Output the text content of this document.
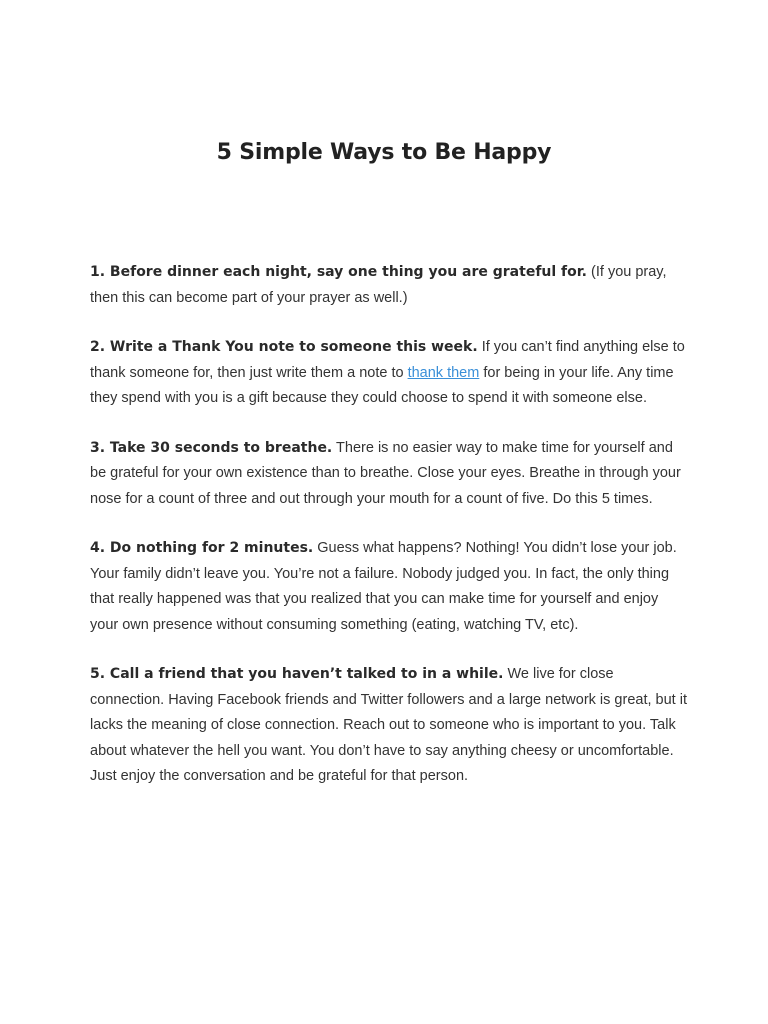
5 Simple Ways to Be Happy

1. Before dinner each night, say one thing you are grateful for. (If you pray, then this can become part of your prayer as well.)

2. Write a Thank You note to someone this week. If you can’t find anything else to thank someone for, then just write them a note to thank them for being in your life. Any time they spend with you is a gift because they could choose to spend it with someone else.

3. Take 30 seconds to breathe. There is no easier way to make time for yourself and be grateful for your own existence than to breathe. Close your eyes. Breathe in through your nose for a count of three and out through your mouth for a count of five. Do this 5 times.

4. Do nothing for 2 minutes. Guess what happens? Nothing! You didn’t lose your job. Your family didn’t leave you. You’re not a failure. Nobody judged you. In fact, the only thing that really happened was that you realized that you can make time for yourself and enjoy your own presence without consuming something (eating, watching TV, etc).

5. Call a friend that you haven’t talked to in a while. We live for close connection. Having Facebook friends and Twitter followers and a large network is great, but it lacks the meaning of close connection. Reach out to someone who is important to you. Talk about whatever the hell you want. You don’t have to say anything cheesy or uncomfortable. Just enjoy the conversation and be grateful for that person.
